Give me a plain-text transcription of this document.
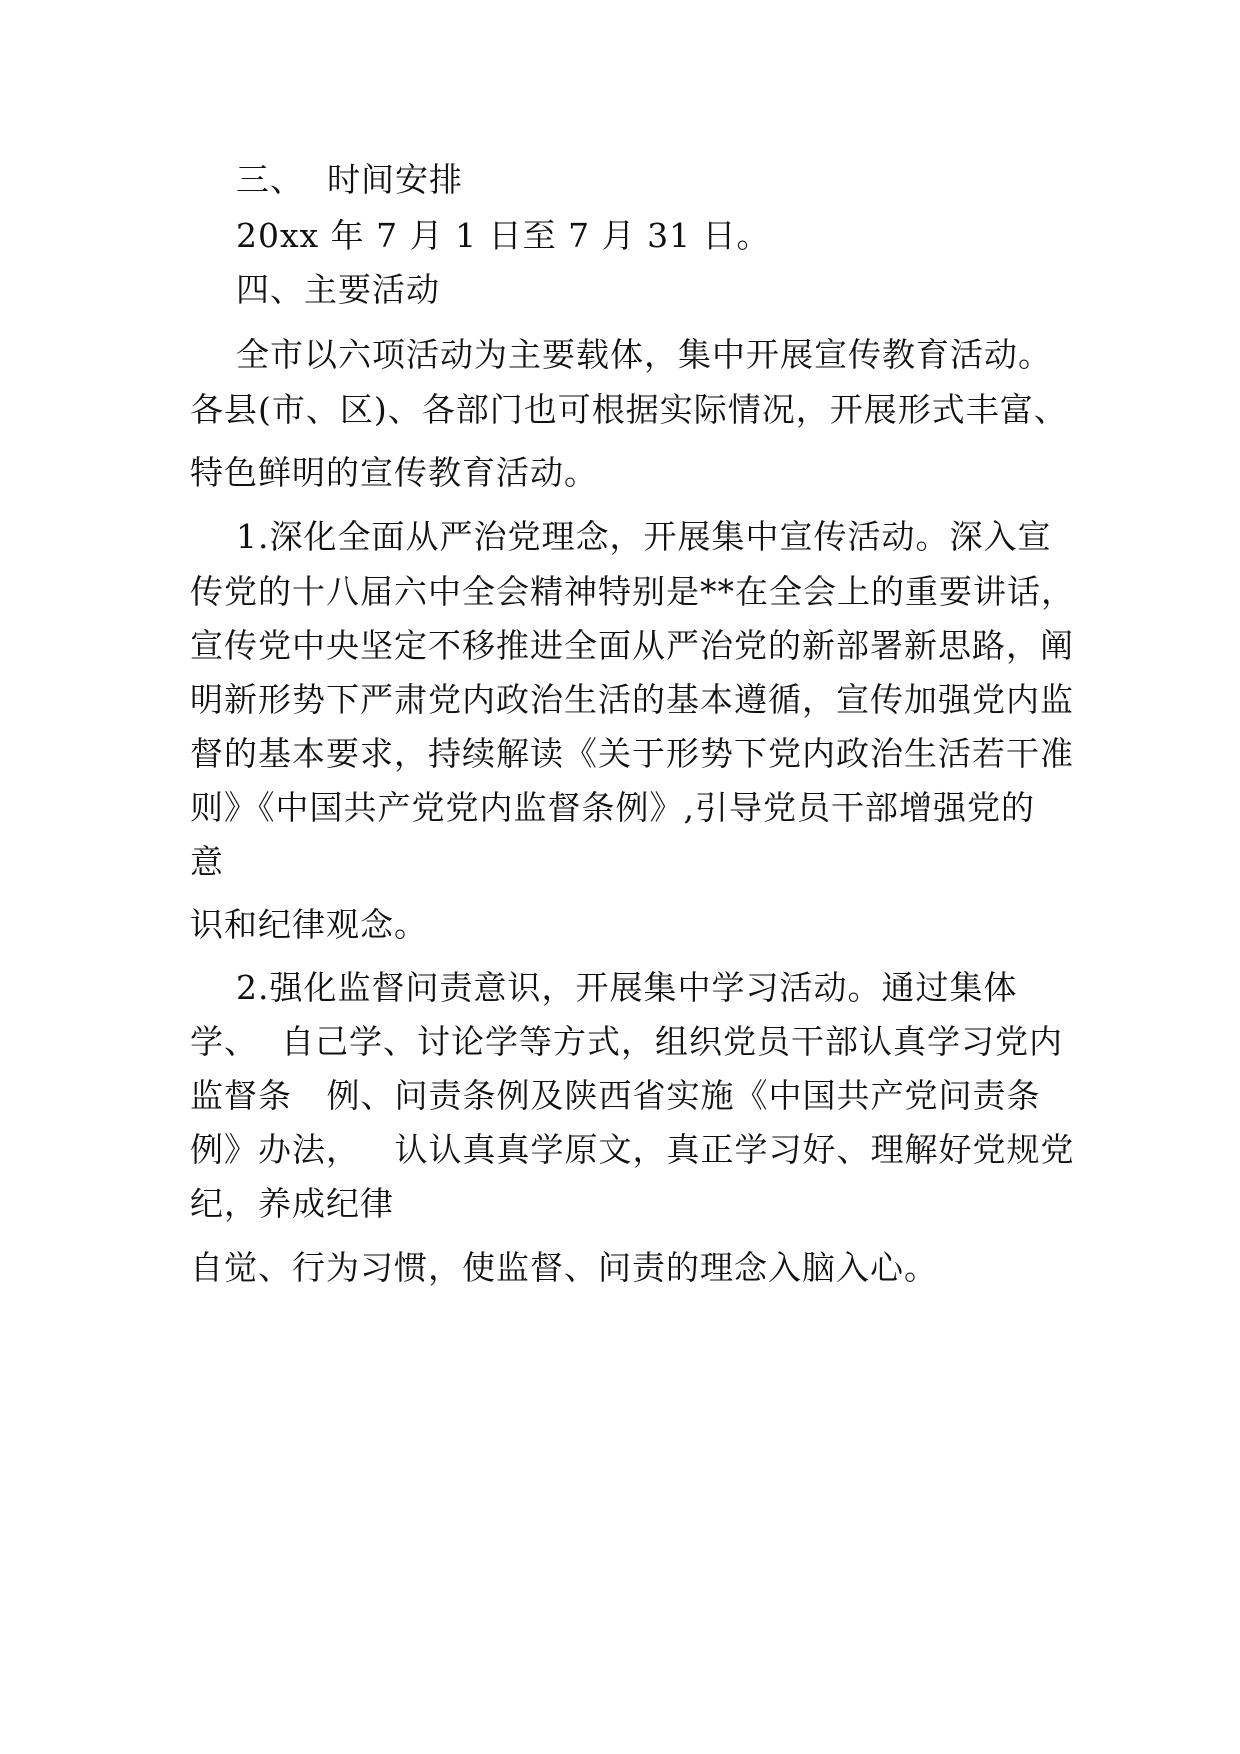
三、  时间安排
20xx 年 7 月 1 日至 7 月 31 日。
四、主要活动
全市以六项活动为主要载体，集中开展宣传教育活动。
各县(市、区)、各部门也可根据实际情况，开展形式丰富、
特色鲜明的宣传教育活动。
1.深化全面从严治党理念，开展集中宣传活动。深入宣
传党的十八届六中全会精神特别是**在全会上的重要讲话，
宣传党中央坚定不移推进全面从严治党的新部署新思路，阐
明新形势下严肃党内政治生活的基本遵循，宣传加强党内监
督的基本要求，持续解读《关于形势下党内政治生活若干准
则》《中国共产党党内监督条例》,引导党员干部增强党的
意
识和纪律观念。
2.强化监督问责意识，开展集中学习活动。通过集体
学、  自己学、讨论学等方式，组织党员干部认真学习党内
监督条   例、问责条例及陕西省实施《中国共产党问责条
例》办法，   认认真真学原文，真正学习好、理解好党规党
纪，养成纪律
自觉、行为习惯，使监督、问责的理念入脑入心。
